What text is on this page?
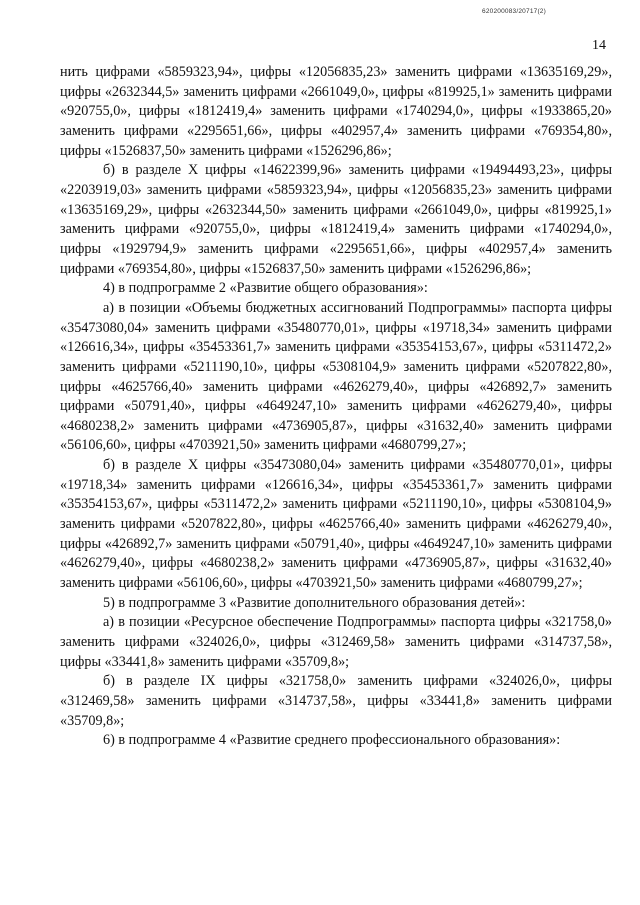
620200083/20717(2)
14

нить цифрами «5859323,94», цифры «12056835,23» заменить цифрами «13635169,29», цифры «2632344,5» заменить цифрами «2661049,0», цифры «819925,1» заменить цифрами «920755,0», цифры «1812419,4» заменить цифрами «1740294,0», цифры «1933865,20» заменить цифрами «2295651,66», цифры «402957,4» заменить цифрами «769354,80», цифры «1526837,50» заменить цифрами «1526296,86»;

б) в разделе X цифры «14622399,96» заменить цифрами «19494493,23», цифры «2203919,03» заменить цифрами «5859323,94», цифры «12056835,23» заменить цифрами «13635169,29», цифры «2632344,50» заменить цифрами «2661049,0», цифры «819925,1» заменить цифрами «920755,0», цифры «1812419,4» заменить цифрами «1740294,0», цифры «1929794,9» заменить цифрами «2295651,66», цифры «402957,4» заменить цифрами «769354,80», цифры «1526837,50» заменить цифрами «1526296,86»;

4) в подпрограмме 2 «Развитие общего образования»:

а) в позиции «Объемы бюджетных ассигнований Подпрограммы» паспорта цифры «35473080,04» заменить цифрами «35480770,01», цифры «19718,34» заменить цифрами «126616,34», цифры «35453361,7» заменить цифрами «35354153,67», цифры «5311472,2» заменить цифрами «5211190,10», цифры «5308104,9» заменить цифрами «5207822,80», цифры «4625766,40» заменить цифрами «4626279,40», цифры «426892,7» заменить цифрами «50791,40», цифры «4649247,10» заменить цифрами «4626279,40», цифры «4680238,2» заменить цифрами «4736905,87», цифры «31632,40» заменить цифрами «56106,60», цифры «4703921,50» заменить цифрами «4680799,27»;

б) в разделе X цифры «35473080,04» заменить цифрами «35480770,01», цифры «19718,34» заменить цифрами «126616,34», цифры «35453361,7» заменить цифрами «35354153,67», цифры «5311472,2» заменить цифрами «5211190,10», цифры «5308104,9» заменить цифрами «5207822,80», цифры «4625766,40» заменить цифрами «4626279,40», цифры «426892,7» заменить цифрами «50791,40», цифры «4649247,10» заменить цифрами «4626279,40», цифры «4680238,2» заменить цифрами «4736905,87», цифры «31632,40» заменить цифрами «56106,60», цифры «4703921,50» заменить цифрами «4680799,27»;

5) в подпрограмме 3 «Развитие дополнительного образования детей»:

а) в позиции «Ресурсное обеспечение Подпрограммы» паспорта цифры «321758,0» заменить цифрами «324026,0», цифры «312469,58» заменить цифрами «314737,58», цифры «33441,8» заменить цифрами «35709,8»;

б) в разделе IX цифры «321758,0» заменить цифрами «324026,0», цифры «312469,58» заменить цифрами «314737,58», цифры «33441,8» заменить цифрами «35709,8»;

6) в подпрограмме 4 «Развитие среднего профессионального образования»:
